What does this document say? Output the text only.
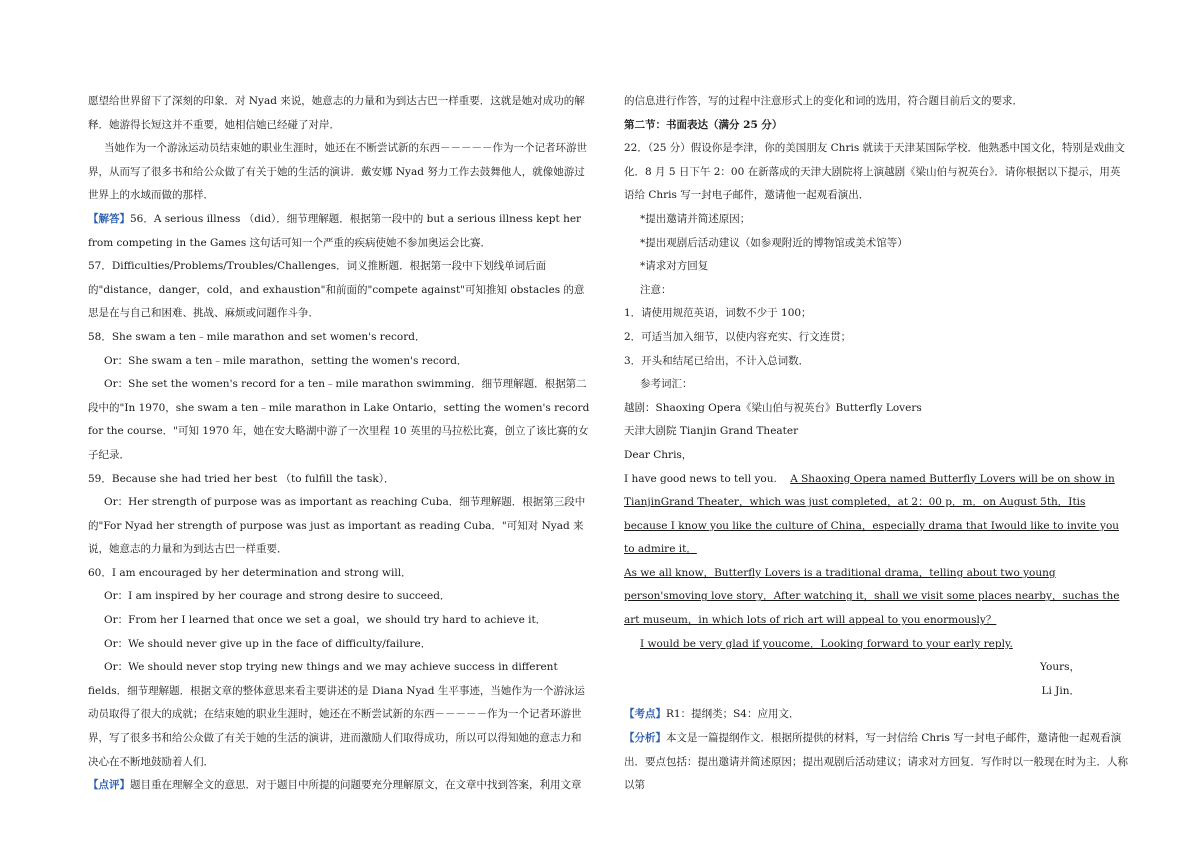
愿望给世界留下了深刻的印象．对 Nyad 来说，她意志的力量和为到达古巴一样重要．这就是她对成功的解释．她游得长短这并不重要，她相信她已经碰了对岸．

当她作为一个游泳运动员结束她的职业生涯时，她还在不断尝试新的东西－－－－－作为一个记者环游世界，从而写了很多书和给公众做了有关于她的生活的演讲．戴安娜 Nyad 努力工作去鼓舞他人，就像她游过世界上的水域而做的那样．

【解答】56．A serious illness （did）．细节理解题．根据第一段中的 but a serious illness kept her from competing in the Games 这句话可知一个严重的疾病使她不参加奥运会比赛．

57．Difficulties/Problems/Troubles/Challenges．词义推断题．根据第一段中下划线单词后面的"distance，danger，cold，and exhaustion"和前面的"compete against"可知推知 obstacles 的意思是在与自己和困难、挑战、麻烦或问题作斗争．

58．She swam a ten﹣mile marathon and set women's record．

Or：She swam a ten﹣mile marathon，setting the women's record．

Or：She set the women's record for a ten﹣mile marathon swimming．细节理解题．根据第二段中的"In 1970，she swam a ten﹣mile marathon in Lake Ontario，setting the women's record for the course．"可知 1970 年，她在安大略湖中游了一次里程 10 英里的马拉松比赛，创立了该比赛的女子纪录．

59．Because she had tried her best （to fulfill the task）．

Or：Her strength of purpose was as important as reaching Cuba．细节理解题．根据第三段中的"For Nyad her strength of purpose was just as important as reading Cuba．"可知对 Nyad 来说，她意志的力量和为到达古巴一样重要．

60．I am encouraged by her determination and strong will．

Or：I am inspired by her courage and strong desire to succeed．

Or：From her I learned that once we set a goal，we should try hard to achieve it．

Or：We should never give up in the face of difficulty/failure．

Or：We should never stop trying new things and we may achieve success in different fields．细节理解题．根据文章的整体意思来看主要讲述的是 Diana Nyad 生平事迹，当她作为一个游泳运动员取得了很大的成就；在结束她的职业生涯时，她还在不断尝试新的东西－－－－－作为一个记者环游世界，写了很多书和给公众做了有关于她的生活的演讲，进而激励人们取得成功，所以可以得知她的意志力和决心在不断地鼓励着人们．

【点评】题目重在理解全文的意思．对于题目中所提的问题要充分理解原文，在文章中找到答案，利用文章

的信息进行作答，写的过程中注意形式上的变化和词的选用，符合题目前后文的要求．

第二节：书面表达（满分 25 分）

22．（25 分）假设你是李津，你的美国朋友 Chris 就读于天津某国际学校．他熟悉中国文化，特别是戏曲文化．8 月 5 日下午 2：00 在新落成的天津大剧院将上演越剧《梁山伯与祝英台》．请你根据以下提示，用英语给 Chris 写一封电子邮件，邀请他一起观看演出．

*提出邀请并简述原因；

*提出观剧后活动建议（如参观附近的博物馆或美术馆等）

*请求对方回复

注意：

1．请使用规范英语，词数不少于 100；

2．可适当加入细节，以使内容充实、行文连贯；

3．开头和结尾已给出，不计入总词数．

参考词汇：

越剧：Shaoxing Opera《梁山伯与祝英台》Butterfly Lovers

天津大剧院 Tianjin Grand Theater

Dear Chris，

I have good news to tell you. A Shaoxing Opera named Butterfly Lovers will be on show in TianjinGrand Theater，which was just completed，at 2：00 p．m．on August 5th．Itis because I know you like the culture of China，especially drama that Iwould like to invite you to admire it．

As we all know，Butterfly Lovers is a traditional drama，telling about two young person'smoving love story．After watching it，shall we visit some places nearby，suchas the art museum，in which lots of rich art will appeal to you enormously？

I would be very glad if youcome．Looking forward to your early reply.

Yours，

Li Jin．

【考点】R1：提纲类；S4：应用文．

【分析】本文是一篇提纲作文．根据所提供的材料，写一封信给 Chris 写一封电子邮件，邀请他一起观看演出．要点包括：提出邀请并简述原因；提出观剧后活动建议；请求对方回复．写作时以一般现在时为主．人称以第
